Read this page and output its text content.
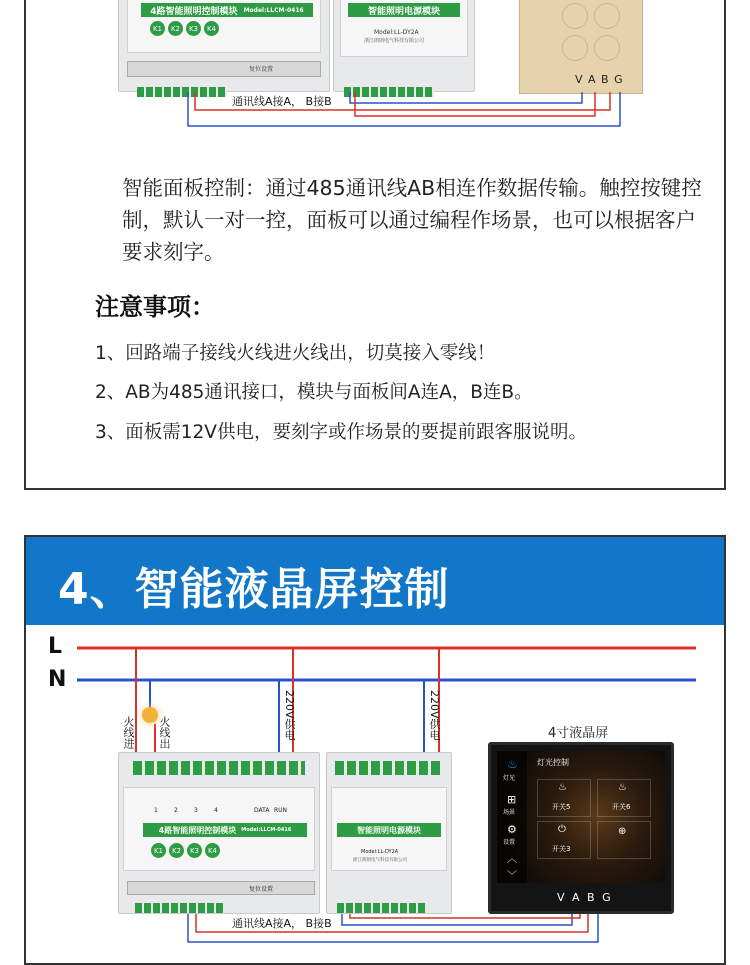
4路智能照明控制模块 Model:LLCM-0416
K1	K2	K3	K4
复位设置
智能照明电源模块
Model:LL-DY2A
浙江朗朗电气科技有限公司
V A B G
通讯线A接A， B接B
智能面板控制：通过485通讯线AB相连作数据传输。触控按键控制，默认一对一控，面板可以通过编程作场景，也可以根据客户要求刻字。
注意事项：
1、回路端子接线火线进火线出，切莫接入零线！
2、AB为485通讯接口，模块与面板间A连A，B连B。
3、面板需12V供电，要刻字或作场景的要提前跟客服说明。
4、智能液晶屏控制
L
N
火线进 火线出	220V供电	220V供电
1	2	3	4	DATA RUN
4路智能照明控制模块 Model:LLCM-0416
K1	K2	K3	K4
复位设置
智能照明电源模块
Model:LL-DY2A
浙江朗朗电气科技有限公司
4寸液晶屏
♨
灯光
⊞
场景
⚙
设置
︿
﹀
灯光控制
♨
开关5
♨
开关6
⏻
开关3
⊕
V A B G
通讯线A接A， B接B
